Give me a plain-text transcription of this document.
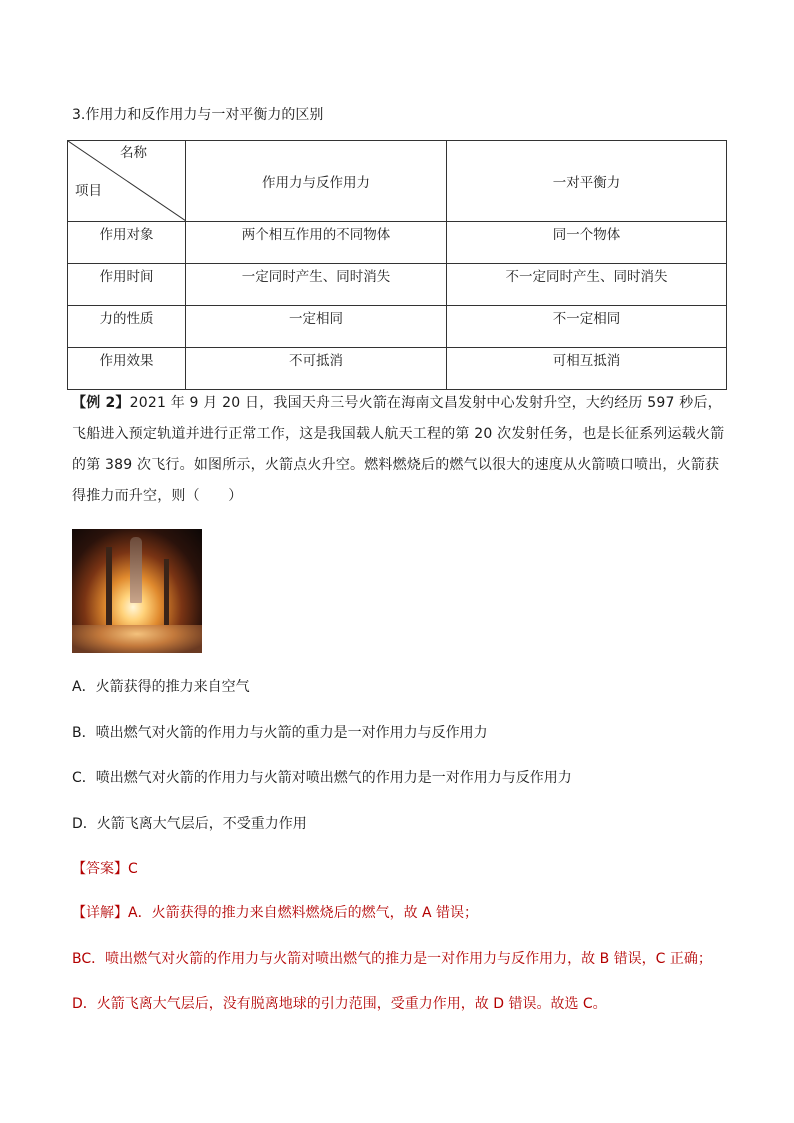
3.作用力和反作用力与一对平衡力的区别
名称
项目	作用力与反作用力	一对平衡力
作用对象	两个相互作用的不同物体	同一个物体
作用时间	一定同时产生、同时消失	不一定同时产生、同时消失
力的性质	一定相同	不一定相同
作用效果	不可抵消	可相互抵消
【例 2】2021 年 9 月 20 日，我国天舟三号火箭在海南文昌发射中心发射升空，大约经历 597 秒后，飞船进入预定轨道并进行正常工作，这是我国载人航天工程的第 20 次发射任务，也是长征系列运载火箭的第 389 次飞行。如图所示，火箭点火升空。燃料燃烧后的燃气以很大的速度从火箭喷口喷出，火箭获得推力而升空，则（　　）
A．火箭获得的推力来自空气
B．喷出燃气对火箭的作用力与火箭的重力是一对作用力与反作用力
C．喷出燃气对火箭的作用力与火箭对喷出燃气的作用力是一对作用力与反作用力
D．火箭飞离大气层后，不受重力作用
【答案】C
【详解】A．火箭获得的推力来自燃料燃烧后的燃气，故 A 错误；
BC．喷出燃气对火箭的作用力与火箭对喷出燃气的推力是一对作用力与反作用力，故 B 错误，C 正确；
D．火箭飞离大气层后，没有脱离地球的引力范围，受重力作用，故 D 错误。故选 C。
